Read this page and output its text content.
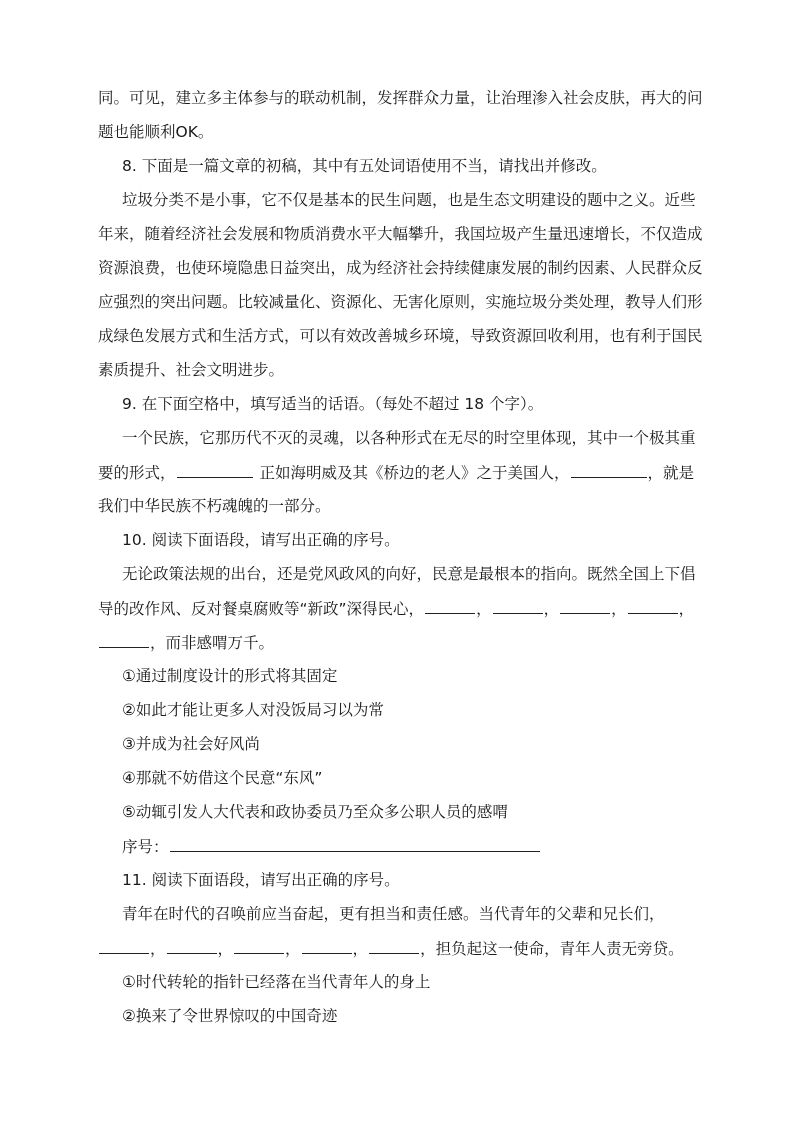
同。可见，建立多主体参与的联动机制，发挥群众力量，让治理渗入社会皮肤，再大的问
题也能顺利OK。
8. 下面是一篇文章的初稿，其中有五处词语使用不当，请找出并修改。
垃圾分类不是小事，它不仅是基本的民生问题，也是生态文明建设的题中之义。近些
年来，随着经济社会发展和物质消费水平大幅攀升，我国垃圾产生量迅速增长，不仅造成
资源浪费，也使环境隐患日益突出，成为经济社会持续健康发展的制约因素、人民群众反
应强烈的突出问题。比较减量化、资源化、无害化原则，实施垃圾分类处理，教导人们形
成绿色发展方式和生活方式，可以有效改善城乡环境，导致资源回收利用，也有利于国民
素质提升、社会文明进步。
9. 在下面空格中，填写适当的话语。（每处不超过 18 个字）。
一个民族，它那历代不灭的灵魂，以各种形式在无尽的时空里体现，其中一个极其重
要的形式，	正如海明威及其《桥边的老人》之于美国人，	，就是
我们中华民族不朽魂魄的一部分。
10. 阅读下面语段，请写出正确的序号。
无论政策法规的出台，还是党风政风的向好，民意是最根本的指向。既然全国上下倡
导的改作风、反对餐桌腐败等“新政”深得民心，	，	，	，	，
，而非感喟万千。
①通过制度设计的形式将其固定
②如此才能让更多人对没饭局习以为常
③并成为社会好风尚
④那就不妨借这个民意“东风”
⑤动辄引发人大代表和政协委员乃至众多公职人员的感喟
序号：
11. 阅读下面语段，请写出正确的序号。
青年在时代的召唤前应当奋起，更有担当和责任感。当代青年的父辈和兄长们，
，	，	，	，	，担负起这一使命，青年人责无旁贷。
①时代转轮的指针已经落在当代青年人的身上
②换来了令世界惊叹的中国奇迹
